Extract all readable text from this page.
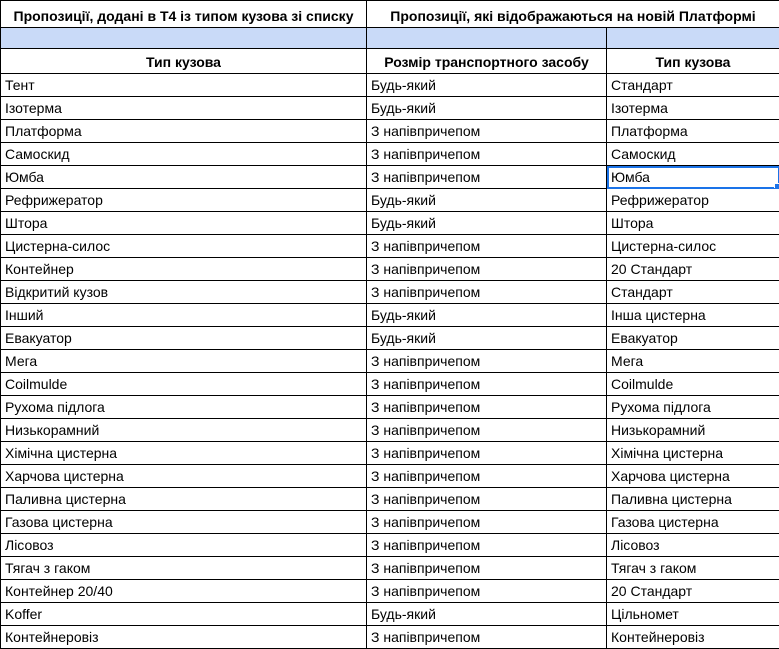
Пропозиції, додані в Т4 із типом кузова зі списку	Пропозиції, які відображаються на новій Платформі	

Тип кузова	Розмір транспортного засобу	Тип кузова
Тент	Будь-який	Стандарт
Ізотерма	Будь-який	Ізотерма
Платформа	З напівпричепом	Платформа
Самоскид	З напівпричепом	Самоскид
Юмба	З напівпричепом	Юмба

Рефрижератор	Будь-який	Рефрижератор
Штора	Будь-який	Штора
Цистерна-силос	З напівпричепом	Цистерна-силос
Контейнер	З напівпричепом	20 Стандарт
Відкритий кузов	З напівпричепом	Стандарт
Інший	Будь-який	Інша цистерна
Евакуатор	Будь-який	Евакуатор
Мега	З напівпричепом	Мега
Coilmulde	З напівпричепом	Coilmulde
Рухома підлога	З напівпричепом	Рухома підлога
Низькорамний	З напівпричепом	Низькорамний
Хімічна цистерна	З напівпричепом	Хімічна цистерна
Харчова цистерна	З напівпричепом	Харчова цистерна
Паливна цистерна	З напівпричепом	Паливна цистерна
Газова цистерна	З напівпричепом	Газова цистерна
Лісовоз	З напівпричепом	Лісовоз
Тягач з гаком	З напівпричепом	Тягач з гаком
Контейнер 20/40	З напівпричепом	20 Стандарт
Koffer	Будь-який	Цільномет
Контейнеровіз	З напівпричепом	Контейнеровіз
